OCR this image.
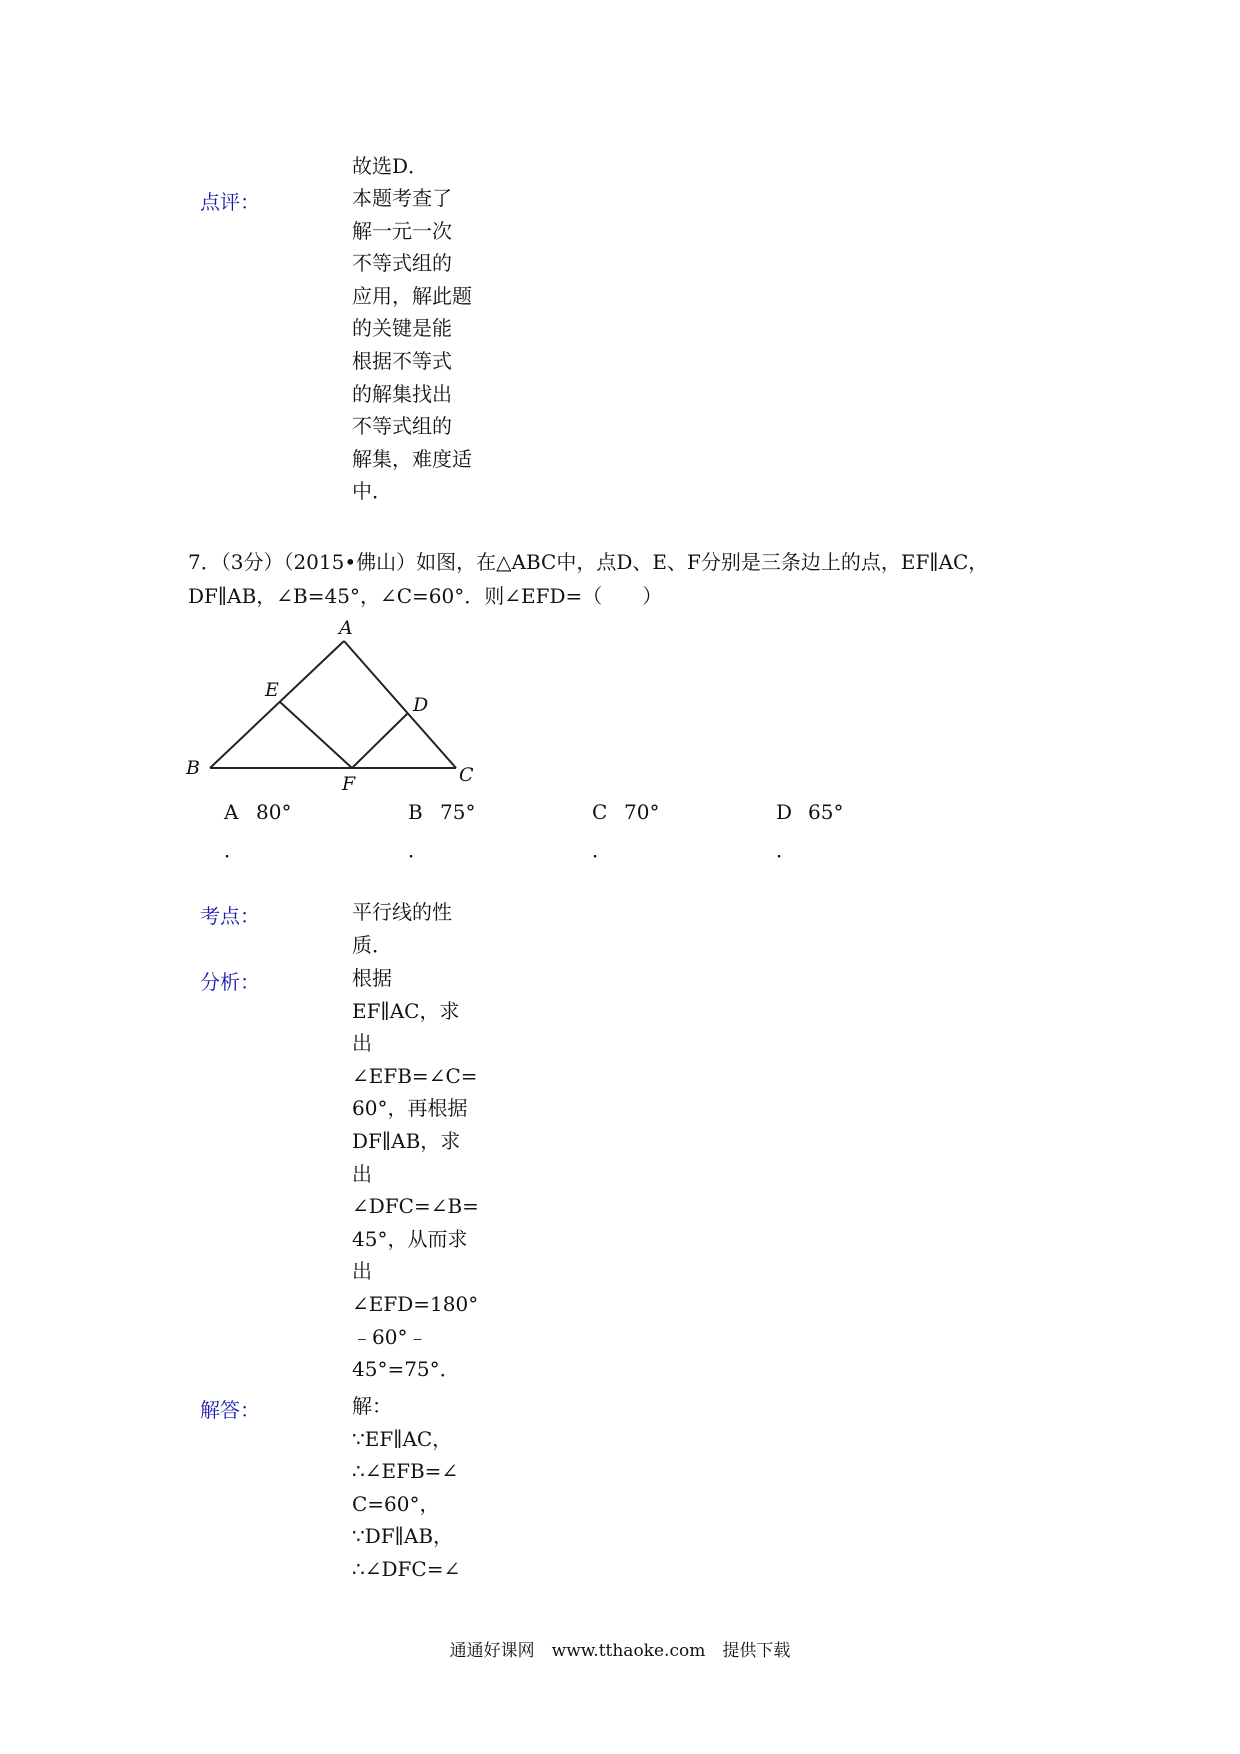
故选D．
点评：	本题考查了
解一元一次
不等式组的
应用，解此题
的关键是能
根据不等式
的解集找出
不等式组的
解集，难度适
中．
7．（3分）（2015•佛山）如图，在△ABC中，点D、E、F分别是三条边上的点，EF∥AC，
DF∥AB，∠B=45°，∠C=60°．则∠EFD=（　　）
A
B	C
D
E
F
A 80°
．
B 75°
．
C 70°
．
D 65°
．
考点：	平行线的性
质．
分析：	根据
EF∥AC，求
出
∠EFB=∠C=
60°，再根据
DF∥AB，求
出
∠DFC=∠B=
45°，从而求
出
∠EFD=180°
﹣60°﹣
45°=75°．
解答：	解：
∵EF∥AC，
∴∠EFB=∠
C=60°，
∵DF∥AB，
∴∠DFC=∠
通通好课网　www.tthaoke.com　提供下载
